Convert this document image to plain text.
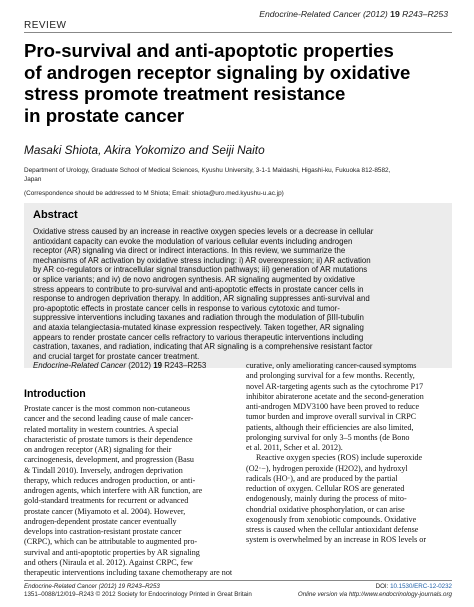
Endocrine-Related Cancer (2012) 19 R243–R253
REVIEW
Pro-survival and anti-apoptotic properties
of androgen receptor signaling by oxidative
stress promote treatment resistance
in prostate cancer
Masaki Shiota, Akira Yokomizo and Seiji Naito
Department of Urology, Graduate School of Medical Sciences, Kyushu University, 3-1-1 Maidashi, Higashi-ku, Fukuoka 812-8582,
Japan
(Correspondence should be addressed to M Shiota; Email: shiota@uro.med.kyushu-u.ac.jp)
Abstract
Oxidative stress caused by an increase in reactive oxygen species levels or a decrease in cellular
antioxidant capacity can evoke the modulation of various cellular events including androgen
receptor (AR) signaling via direct or indirect interactions. In this review, we summarize the
mechanisms of AR activation by oxidative stress including: i) AR overexpression; ii) AR activation
by AR co-regulators or intracellular signal transduction pathways; iii) generation of AR mutations
or splice variants; and iv) de novo androgen synthesis. AR signaling augmented by oxidative
stress appears to contribute to pro-survival and anti-apoptotic effects in prostate cancer cells in
response to androgen deprivation therapy. In addition, AR signaling suppresses anti-survival and
pro-apoptotic effects in prostate cancer cells in response to various cytotoxic and tumor-
suppressive interventions including taxanes and radiation through the modulation of βIII-tubulin
and ataxia telangiectasia-mutated kinase expression respectively. Taken together, AR signaling
appears to render prostate cancer cells refractory to various therapeutic interventions including
castration, taxanes, and radiation, indicating that AR signaling is a comprehensive resistant factor
and crucial target for prostate cancer treatment.
Endocrine-Related Cancer (2012) 19 R243–R253
Introduction
Prostate cancer is the most common non-cutaneous
cancer and the second leading cause of male cancer-
related mortality in western countries. A special
characteristic of prostate tumors is their dependence
on androgen receptor (AR) signaling for their
carcinogenesis, development, and progression (Basu
& Tindall 2010). Inversely, androgen deprivation
therapy, which reduces androgen production, or anti-
androgen agents, which interfere with AR function, are
gold-standard treatments for recurrent or advanced
prostate cancer (Miyamoto et al. 2004). However,
androgen-dependent prostate cancer eventually
develops into castration-resistant prostate cancer
(CRPC), which can be attributable to augmented pro-
survival and anti-apoptotic properties by AR signaling
and others (Niraula et al. 2012). Against CRPC, few
therapeutic interventions including taxane chemotherapy are not
curative, only ameliorating cancer-caused symptoms
and prolonging survival for a few months. Recently,
novel AR-targeting agents such as the cytochrome P17
inhibitor abiraterone acetate and the second-generation
anti-androgen MDV3100 have been proved to reduce
tumor burden and improve overall survival in CRPC
patients, although their efficiencies are also limited,
prolonging survival for only 3–5 months (de Bono
et al. 2011, Scher et al. 2012).
Reactive oxygen species (ROS) include superoxide
(O2·−), hydrogen peroxide (H2O2), and hydroxyl
radicals (HO·), and are produced by the partial
reduction of oxygen. Cellular ROS are generated
endogenously, mainly during the process of mito-
chondrial oxidative phosphorylation, or can arise
exogenously from xenobiotic compounds. Oxidative
stress is caused when the cellular antioxidant defense
system is overwhelmed by an increase in ROS levels or
Endocrine-Related Cancer (2012) 19 R243–R253
1351–0088/12/019–R243 © 2012 Society for Endocrinology Printed in Great Britain
DOI: 10.1530/ERC-12-0232
Online version via http://www.endocrinology-journals.org
